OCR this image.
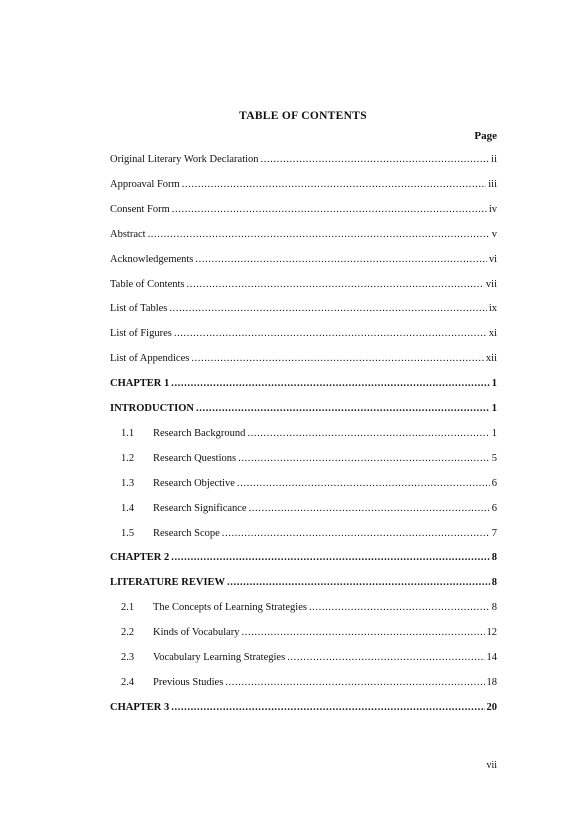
TABLE OF CONTENTS
Page
Original Literary Work Declaration .....	ii
Approaval Form .....	iii
Consent Form .....	iv
Abstract .....	v
Acknowledgements .....	vi
Table of Contents .....	vii
List of Tables .....	ix
List of Figures .....	xi
List of Appendices .....	xii
CHAPTER 1 .....	1
INTRODUCTION .....	1
1.1	Research Background .....	1
1.2	Research Questions .....	5
1.3	Research Objective .....	6
1.4	Research Significance .....	6
1.5	Research Scope .....	7
CHAPTER 2 .....	8
LITERATURE REVIEW .....	8
2.1	The Concepts of Learning Strategies .....	8
2.2	Kinds of Vocabulary .....	12
2.3	Vocabulary Learning Strategies .....	14
2.4	Previous Studies .....	18
CHAPTER 3 .....	20
vii
